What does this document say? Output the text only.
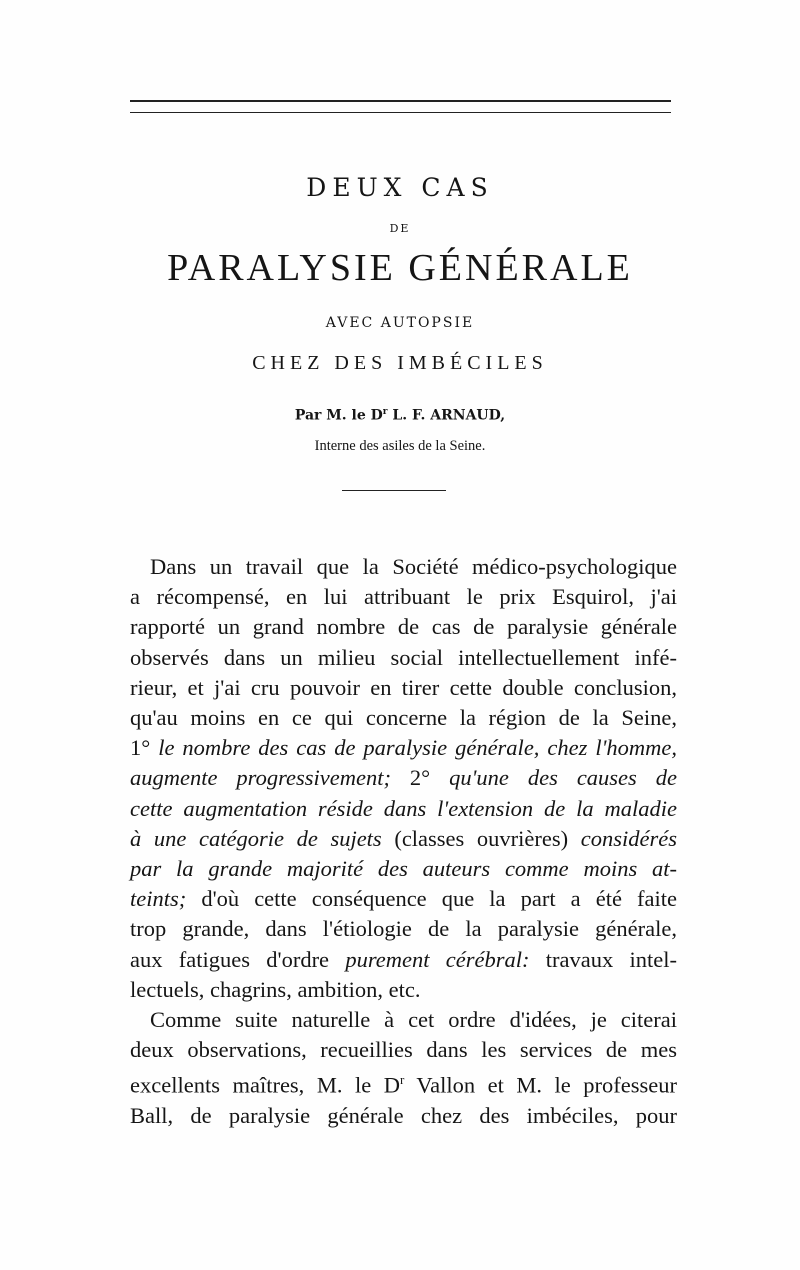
DEUX CAS
DE
PARALYSIE GÉNÉRALE
AVEC AUTOPSIE
CHEZ DES IMBÉCILES
Par M. le $D^r$ L. F. ARNAUD,
Interne des asiles de la Seine.
Dans un travail que la Société médico-psychologique
a récompensé, en lui attribuant le prix Esquirol, j'ai
rapporté un grand nombre de cas de paralysie générale
observés dans un milieu social intellectuellement infé-
rieur, et j'ai cru pouvoir en tirer cette double conclusion,
qu'au moins en ce qui concerne la région de la Seine,
1° le nombre des cas de paralysie générale, chez l'homme,
augmente progressivement; 2° qu'une des causes de
cette augmentation réside dans l'extension de la maladie
à une catégorie de sujets (classes ouvrières) considérés
par la grande majorité des auteurs comme moins at-
teints; d'où cette conséquence que la part a été faite
trop grande, dans l'étiologie de la paralysie générale,
aux fatigues d'ordre purement cérébral: travaux intel-
lectuels, chagrins, ambition, etc.
Comme suite naturelle à cet ordre d'idées, je citerai
deux observations, recueillies dans les services de mes
excellents maîtres, M. le $D^r$ Vallon et M. le professeur
Ball, de paralysie générale chez des imbéciles, pour
